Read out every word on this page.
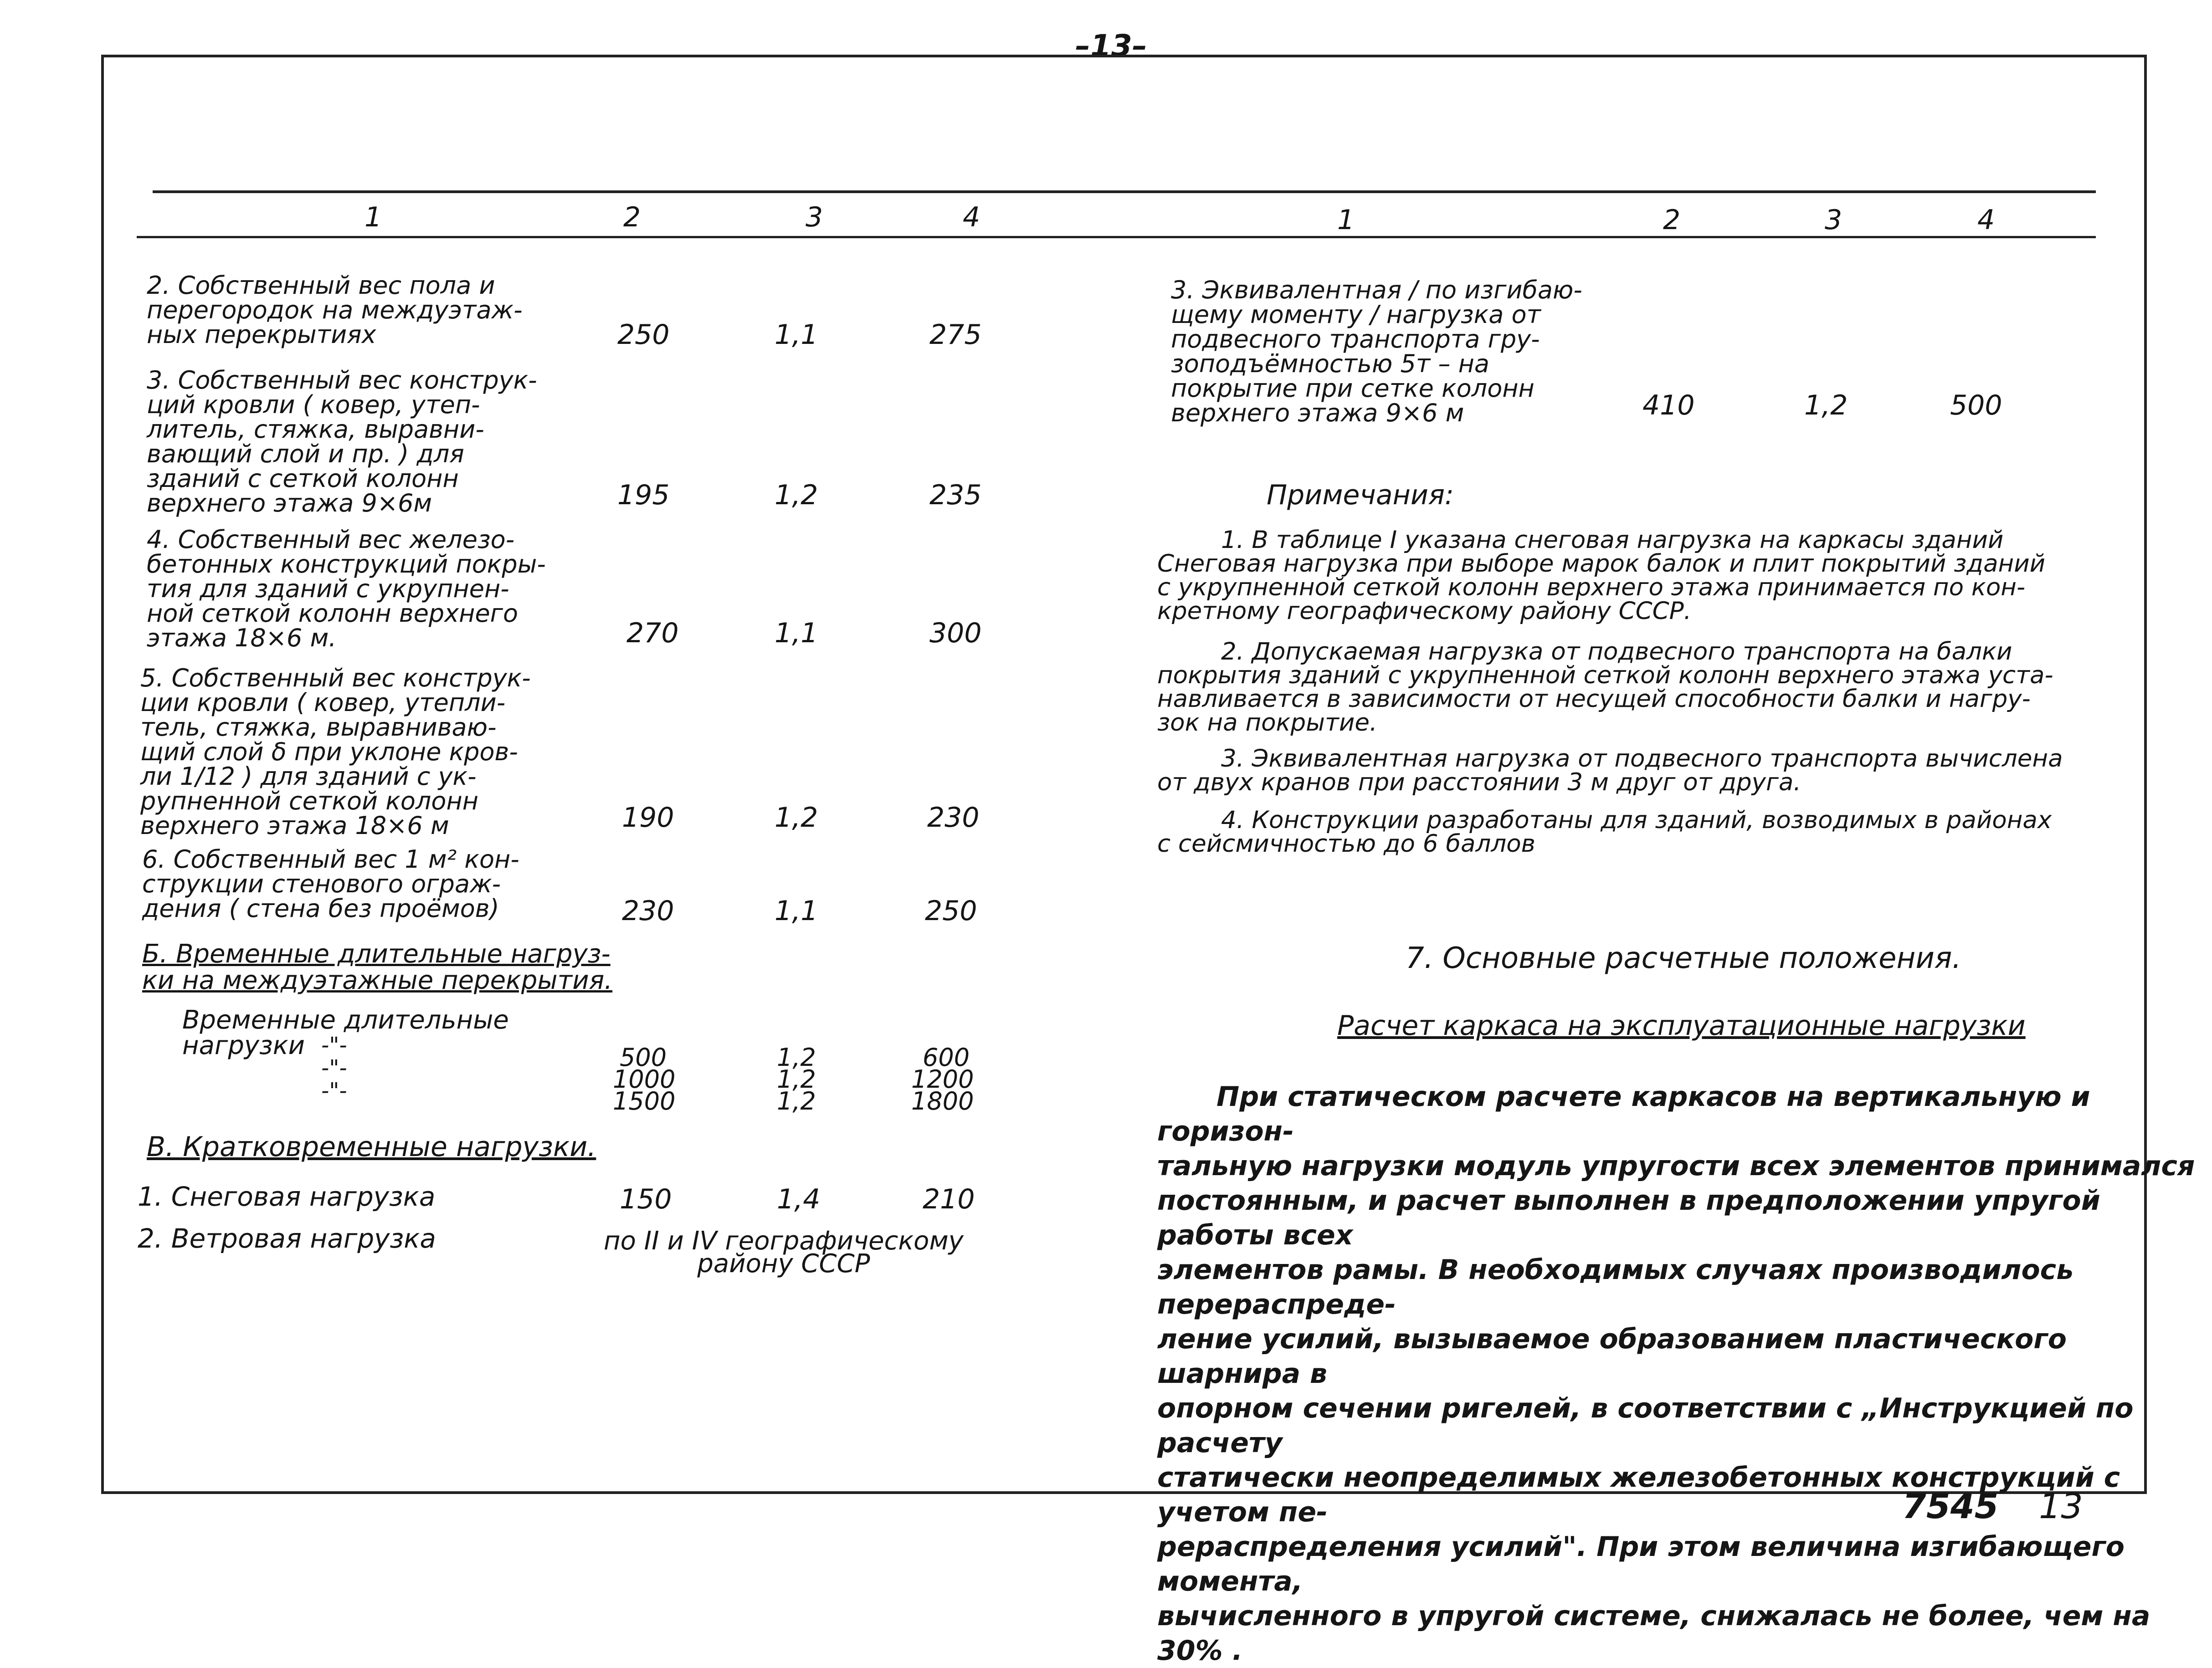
–13–
1	2	3	4	1	2	3	4
2. Собственный вес пола и
перегородок на междуэтаж-
ных перекрытиях	250	1,1	275
3. Собственный вес конструк-
ций кровли ( ковер, утеп-
литель, стяжка, выравни-
вающий слой и пр. ) для
зданий с сеткой колонн
верхнего этажа 9×6м	195	1,2	235
4. Собственный вес железо-
бетонных конструкций покры-
тия для зданий с укрупнен-
ной сеткой колонн верхнего
этажа 18×6 м.	270	1,1	300
5. Собственный вес конструк-
ции кровли ( ковер, утепли-
тель, стяжка, выравниваю-
щий слой δ при уклоне кров-
ли 1/12 ) для зданий с ук-
рупненной сеткой колонн
верхнего этажа 18×6 м	190	1,2	230
6. Собственный вес 1 м² кон-
струкции стенового ограж-
дения ( стена без проёмов)	230	1,1	250
Б. Временные длительные нагруз-
ки на междуэтажные перекрытия.
Временные длительные
нагрузки -"-
-"-
-"-
500	1,2	600
1000	1,2	1200
1500	1,2	1800
В. Кратковременные нагрузки.
1. Снеговая нагрузка	150	1,4	210
2. Ветровая нагрузка	по II и IV географическому
району СССР
3. Эквивалентная / по изгибаю-
щему моменту / нагрузка от
подвесного транспорта гру-
зоподъёмностью 5т – на
покрытие при сетке колонн
верхнего этажа 9×6 м	410	1,2	500
Примечания:
1. В таблице I указана снеговая нагрузка на каркасы зданий
Снеговая нагрузка при выборе марок балок и плит покрытий зданий
с укрупненной сеткой колонн верхнего этажа принимается по кон-
кретному географическому району СССР.
2. Допускаемая нагрузка от подвесного транспорта на балки
покрытия зданий с укрупненной сеткой колонн верхнего этажа уста-
навливается в зависимости от несущей способности балки и нагру-
зок на покрытие.
3. Эквивалентная нагрузка от подвесного транспорта вычислена
от двух кранов при расстоянии 3 м друг от друга.
4. Конструкции разработаны для зданий, возводимых в районах
с сейсмичностью до 6 баллов
7. Основные расчетные положения.
Расчет каркаса на эксплуатационные нагрузки
При статическом расчете каркасов на вертикальную и горизон-
тальную нагрузки модуль упругости всех элементов принимался
постоянным, и расчет выполнен в предположении упругой работы всех
элементов рамы. В необходимых случаях производилось перераспреде-
ление усилий, вызываемое образованием пластического шарнира в
опорном сечении ригелей, в соответствии с „Инструкцией по расчету
статически неопределимых железобетонных конструкций с учетом пе-
рераспределения усилий". При этом величина изгибающего момента,
вычисленного в упругой системе, снижалась не более, чем на 30% .
7545 13
